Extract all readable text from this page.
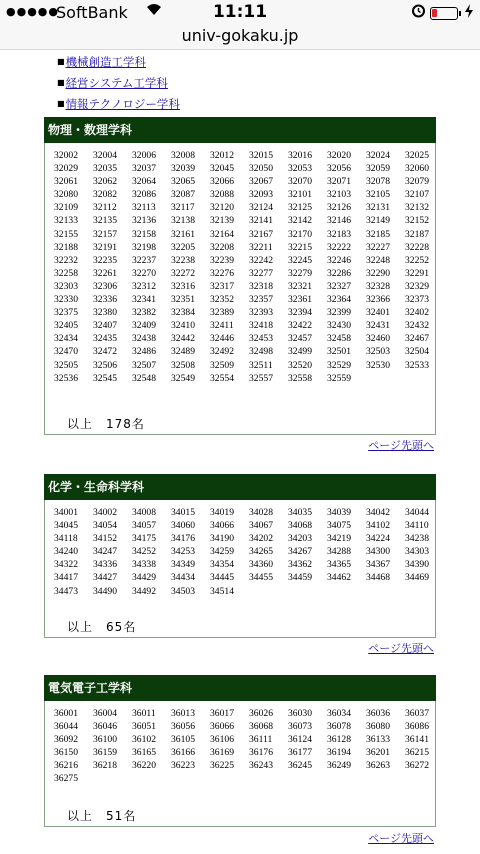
●●●●●
SoftBank	11:11
univ-gokaku.jp
■機械創造工学科
■経営システム工学科
■情報テクノロジー学科
物理・数理学科
32002	32004	32006	32008	32012	32015	32016	32020	32024	32025
32029	32035	32037	32039	32045	32050	32053	32056	32059	32060
32061	32062	32064	32065	32066	32067	32070	32071	32078	32079
32080	32082	32086	32087	32088	32093	32101	32103	32105	32107
32109	32112	32113	32117	32120	32124	32125	32126	32131	32132
32133	32135	32136	32138	32139	32141	32142	32146	32149	32152
32155	32157	32158	32161	32164	32167	32170	32183	32185	32187
32188	32191	32198	32205	32208	32211	32215	32222	32227	32228
32232	32235	32237	32238	32239	32242	32245	32246	32248	32252
32258	32261	32270	32272	32276	32277	32279	32286	32290	32291
32303	32306	32312	32316	32317	32318	32321	32327	32328	32329
32330	32336	32341	32351	32352	32357	32361	32364	32366	32373
32375	32380	32382	32384	32389	32393	32394	32399	32401	32402
32405	32407	32409	32410	32411	32418	32422	32430	32431	32432
32434	32435	32438	32442	32446	32453	32457	32458	32460	32467
32470	32472	32486	32489	32492	32498	32499	32501	32503	32504
32505	32506	32507	32508	32509	32511	32520	32529	32530	32533
32536	32545	32548	32549	32554	32557	32558	32559
以上　178名
ページ先頭へ
化学・生命科学科
34001	34002	34008	34015	34019	34028	34035	34039	34042	34044
34045	34054	34057	34060	34066	34067	34068	34075	34102	34110
34118	34152	34175	34176	34190	34202	34203	34219	34224	34238
34240	34247	34252	34253	34259	34265	34267	34288	34300	34303
34322	34336	34338	34349	34354	34360	34362	34365	34367	34390
34417	34427	34429	34434	34445	34455	34459	34462	34468	34469
34473	34490	34492	34503	34514
以上　65名
ページ先頭へ
電気電子工学科
36001	36004	36011	36013	36017	36026	36030	36034	36036	36037
36044	36046	36051	36056	36066	36068	36073	36078	36080	36086
36092	36100	36102	36105	36106	36111	36124	36128	36133	36141
36150	36159	36165	36166	36169	36176	36177	36194	36201	36215
36216	36218	36220	36223	36225	36243	36245	36249	36263	36272
36275
以上　51名
ページ先頭へ
